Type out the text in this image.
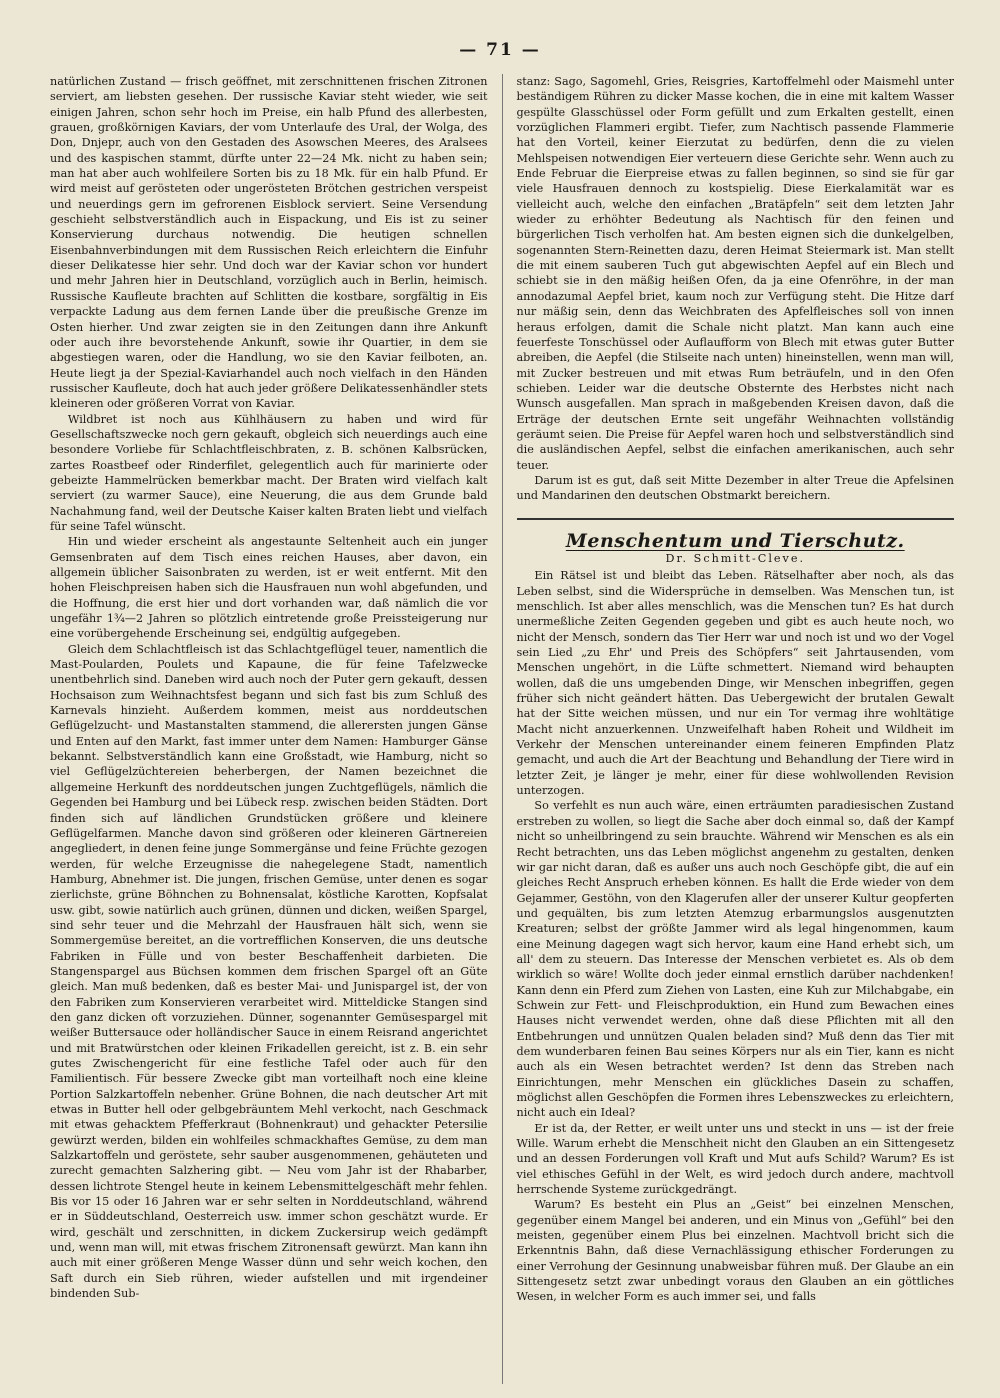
— 71 —

natürlichen Zustand — frisch geöffnet, mit zerschnittenen frischen Zitronen serviert, am liebsten gesehen. Der russische Kaviar steht wieder, wie seit einigen Jahren, schon sehr hoch im Preise, ein halb Pfund des allerbesten, grauen, großkörnigen Kaviars, der vom Unterlaufe des Ural, der Wolga, des Don, Dnjepr, auch von den Gestaden des Asowschen Meeres, des Aralsees und des kaspischen stammt, dürfte unter 22—24 Mk. nicht zu haben sein; man hat aber auch wohlfeilere Sorten bis zu 18 Mk. für ein halb Pfund. Er wird meist auf gerösteten oder ungerösteten Brötchen gestrichen verspeist und neuerdings gern im gefrorenen Eisblock serviert. Seine Versendung geschieht selbstverständlich auch in Eispackung, und Eis ist zu seiner Konservierung durchaus notwendig. Die heutigen schnellen Eisenbahnverbindungen mit dem Russischen Reich erleichtern die Einfuhr dieser Delikatesse hier sehr. Und doch war der Kaviar schon vor hundert und mehr Jahren hier in Deutschland, vorzüglich auch in Berlin, heimisch. Russische Kaufleute brachten auf Schlitten die kostbare, sorgfältig in Eis verpackte Ladung aus dem fernen Lande über die preußische Grenze im Osten hierher. Und zwar zeigten sie in den Zeitungen dann ihre Ankunft oder auch ihre bevorstehende Ankunft, sowie ihr Quartier, in dem sie abgestiegen waren, oder die Handlung, wo sie den Kaviar feilboten, an. Heute liegt ja der Spezial-Kaviarhandel auch noch vielfach in den Händen russischer Kaufleute, doch hat auch jeder größere Delikatessenhändler stets kleineren oder größeren Vorrat von Kaviar.

Wildbret ist noch aus Kühlhäusern zu haben und wird für Gesellschaftszwecke noch gern gekauft, obgleich sich neuerdings auch eine besondere Vorliebe für Schlachtfleischbraten, z. B. schönen Kalbsrücken, zartes Roastbeef oder Rinderfilet, gelegentlich auch für marinierte oder gebeizte Hammelrücken bemerkbar macht. Der Braten wird vielfach kalt serviert (zu warmer Sauce), eine Neuerung, die aus dem Grunde bald Nachahmung fand, weil der Deutsche Kaiser kalten Braten liebt und vielfach für seine Tafel wünscht.

Hin und wieder erscheint als angestaunte Seltenheit auch ein junger Gemsenbraten auf dem Tisch eines reichen Hauses, aber davon, ein allgemein üblicher Saisonbraten zu werden, ist er weit entfernt. Mit den hohen Fleischpreisen haben sich die Hausfrauen nun wohl abgefunden, und die Hoffnung, die erst hier und dort vorhanden war, daß nämlich die vor ungefähr 1¾—2 Jahren so plötzlich eintretende große Preissteigerung nur eine vorübergehende Erscheinung sei, endgültig aufgegeben.

Gleich dem Schlachtfleisch ist das Schlachtgeflügel teuer, namentlich die Mast-Poularden, Poulets und Kapaune, die für feine Tafelzwecke unentbehrlich sind. Daneben wird auch noch der Puter gern gekauft, dessen Hochsaison zum Weihnachtsfest begann und sich fast bis zum Schluß des Karnevals hinzieht. Außerdem kommen, meist aus norddeutschen Geflügelzucht- und Mastanstalten stammend, die allerersten jungen Gänse und Enten auf den Markt, fast immer unter dem Namen: Hamburger Gänse bekannt. Selbstverständlich kann eine Großstadt, wie Hamburg, nicht so viel Geflügelzüchtereien beherbergen, der Namen bezeichnet die allgemeine Herkunft des norddeutschen jungen Zuchtgeflügels, nämlich die Gegenden bei Hamburg und bei Lübeck resp. zwischen beiden Städten. Dort finden sich auf ländlichen Grundstücken größere und kleinere Geflügelfarmen. Manche davon sind größeren oder kleineren Gärtnereien angegliedert, in denen feine junge Sommergänse und feine Früchte gezogen werden, für welche Erzeugnisse die nahegelegene Stadt, namentlich Hamburg, Abnehmer ist. Die jungen, frischen Gemüse, unter denen es sogar zierlichste, grüne Böhnchen zu Bohnensalat, köstliche Karotten, Kopfsalat usw. gibt, sowie natürlich auch grünen, dünnen und dicken, weißen Spargel, sind sehr teuer und die Mehrzahl der Hausfrauen hält sich, wenn sie Sommergemüse bereitet, an die vortrefflichen Konserven, die uns deutsche Fabriken in Fülle und von bester Beschaffenheit darbieten. Die Stangenspargel aus Büchsen kommen dem frischen Spargel oft an Güte gleich. Man muß bedenken, daß es bester Mai- und Junispargel ist, der von den Fabriken zum Konservieren verarbeitet wird. Mitteldicke Stangen sind den ganz dicken oft vorzuziehen. Dünner, sogenannter Gemüsespargel mit weißer Buttersauce oder holländischer Sauce in einem Reisrand angerichtet und mit Bratwürstchen oder kleinen Frikadellen gereicht, ist z. B. ein sehr gutes Zwischengericht für eine festliche Tafel oder auch für den Familientisch. Für bessere Zwecke gibt man vorteilhaft noch eine kleine Portion Salzkartoffeln nebenher. Grüne Bohnen, die nach deutscher Art mit etwas in Butter hell oder gelbgebräuntem Mehl verkocht, nach Geschmack mit etwas gehacktem Pfefferkraut (Bohnenkraut) und gehackter Petersilie gewürzt werden, bilden ein wohlfeiles schmackhaftes Gemüse, zu dem man Salzkartoffeln und geröstete, sehr sauber ausgenommenen, gehäuteten und zurecht gemachten Salzhering gibt. — Neu vom Jahr ist der Rhabarber, dessen lichtrote Stengel heute in keinem Lebensmittelgeschäft mehr fehlen. Bis vor 15 oder 16 Jahren war er sehr selten in Norddeutschland, während er in Süddeutschland, Oesterreich usw. immer schon geschätzt wurde. Er wird, geschält und zerschnitten, in dickem Zuckersirup weich gedämpft und, wenn man will, mit etwas frischem Zitronensaft gewürzt. Man kann ihn auch mit einer größeren Menge Wasser dünn und sehr weich kochen, den Saft durch ein Sieb rühren, wieder aufstellen und mit irgendeiner bindenden Sub-

stanz: Sago, Sagomehl, Gries, Reisgries, Kartoffelmehl oder Maismehl unter beständigem Rühren zu dicker Masse kochen, die in eine mit kaltem Wasser gespülte Glasschüssel oder Form gefüllt und zum Erkalten gestellt, einen vorzüglichen Flammeri ergibt. Tiefer, zum Nachtisch passende Flammerie hat den Vorteil, keiner Eierzutat zu bedürfen, denn die zu vielen Mehlspeisen notwendigen Eier verteuern diese Gerichte sehr. Wenn auch zu Ende Februar die Eierpreise etwas zu fallen beginnen, so sind sie für gar viele Hausfrauen dennoch zu kostspielig. Diese Eierkalamität war es vielleicht auch, welche den einfachen „Bratäpfeln“ seit dem letzten Jahr wieder zu erhöhter Bedeutung als Nachtisch für den feinen und bürgerlichen Tisch verholfen hat. Am besten eignen sich die dunkelgelben, sogenannten Stern-Reinetten dazu, deren Heimat Steiermark ist. Man stellt die mit einem sauberen Tuch gut abgewischten Aepfel auf ein Blech und schiebt sie in den mäßig heißen Ofen, da ja eine Ofenröhre, in der man annodazumal Aepfel briet, kaum noch zur Verfügung steht. Die Hitze darf nur mäßig sein, denn das Weichbraten des Apfelfleisches soll von innen heraus erfolgen, damit die Schale nicht platzt. Man kann auch eine feuerfeste Tonschüssel oder Auflaufform von Blech mit etwas guter Butter abreiben, die Aepfel (die Stilseite nach unten) hineinstellen, wenn man will, mit Zucker bestreuen und mit etwas Rum beträufeln, und in den Ofen schieben. Leider war die deutsche Obsternte des Herbstes nicht nach Wunsch ausgefallen. Man sprach in maßgebenden Kreisen davon, daß die Erträge der deutschen Ernte seit ungefähr Weihnachten vollständig geräumt seien. Die Preise für Aepfel waren hoch und selbstverständlich sind die ausländischen Aepfel, selbst die einfachen amerikanischen, auch sehr teuer.

Darum ist es gut, daß seit Mitte Dezember in alter Treue die Apfelsinen und Mandarinen den deutschen Obstmarkt bereichern.

Menschentum und Tierschutz.
Dr. Schmitt-Cleve.

Ein Rätsel ist und bleibt das Leben. Rätselhafter aber noch, als das Leben selbst, sind die Widersprüche in demselben. Was Menschen tun, ist menschlich. Ist aber alles menschlich, was die Menschen tun? Es hat durch unermeßliche Zeiten Gegenden gegeben und gibt es auch heute noch, wo nicht der Mensch, sondern das Tier Herr war und noch ist und wo der Vogel sein Lied „zu Ehr' und Preis des Schöpfers“ seit Jahrtausenden, vom Menschen ungehört, in die Lüfte schmettert. Niemand wird behaupten wollen, daß die uns umgebenden Dinge, wir Menschen inbegriffen, gegen früher sich nicht geändert hätten. Das Uebergewicht der brutalen Gewalt hat der Sitte weichen müssen, und nur ein Tor vermag ihre wohltätige Macht nicht anzuerkennen. Unzweifelhaft haben Roheit und Wildheit im Verkehr der Menschen untereinander einem feineren Empfinden Platz gemacht, und auch die Art der Beachtung und Behandlung der Tiere wird in letzter Zeit, je länger je mehr, einer für diese wohlwollenden Revision unterzogen.

So verfehlt es nun auch wäre, einen erträumten paradiesischen Zustand erstreben zu wollen, so liegt die Sache aber doch einmal so, daß der Kampf nicht so unheilbringend zu sein brauchte. Während wir Menschen es als ein Recht betrachten, uns das Leben möglichst angenehm zu gestalten, denken wir gar nicht daran, daß es außer uns auch noch Geschöpfe gibt, die auf ein gleiches Recht Anspruch erheben können. Es hallt die Erde wieder von dem Gejammer, Gestöhn, von den Klagerufen aller der unserer Kultur geopferten und gequälten, bis zum letzten Atemzug erbarmungslos ausgenutzten Kreaturen; selbst der größte Jammer wird als legal hingenommen, kaum eine Meinung dagegen wagt sich hervor, kaum eine Hand erhebt sich, um all' dem zu steuern. Das Interesse der Menschen verbietet es. Als ob dem wirklich so wäre! Wollte doch jeder einmal ernstlich darüber nachdenken! Kann denn ein Pferd zum Ziehen von Lasten, eine Kuh zur Milchabgabe, ein Schwein zur Fett- und Fleischproduktion, ein Hund zum Bewachen eines Hauses nicht verwendet werden, ohne daß diese Pflichten mit all den Entbehrungen und unnützen Qualen beladen sind? Muß denn das Tier mit dem wunderbaren feinen Bau seines Körpers nur als ein Tier, kann es nicht auch als ein Wesen betrachtet werden? Ist denn das Streben nach Einrichtungen, mehr Menschen ein glückliches Dasein zu schaffen, möglichst allen Geschöpfen die Formen ihres Lebenszweckes zu erleichtern, nicht auch ein Ideal?

Er ist da, der Retter, er weilt unter uns und steckt in uns — ist der freie Wille. Warum erhebt die Menschheit nicht den Glauben an ein Sittengesetz und an dessen Forderungen voll Kraft und Mut aufs Schild? Warum? Es ist viel ethisches Gefühl in der Welt, es wird jedoch durch andere, machtvoll herrschende Systeme zurückgedrängt.

Warum? Es besteht ein Plus an „Geist“ bei einzelnen Menschen, gegenüber einem Mangel bei anderen, und ein Minus von „Gefühl“ bei den meisten, gegenüber einem Plus bei einzelnen. Machtvoll bricht sich die Erkenntnis Bahn, daß diese Vernachlässigung ethischer Forderungen zu einer Verrohung der Gesinnung unabweisbar führen muß. Der Glaube an ein Sittengesetz setzt zwar unbedingt voraus den Glauben an ein göttliches Wesen, in welcher Form es auch immer sei, und falls
